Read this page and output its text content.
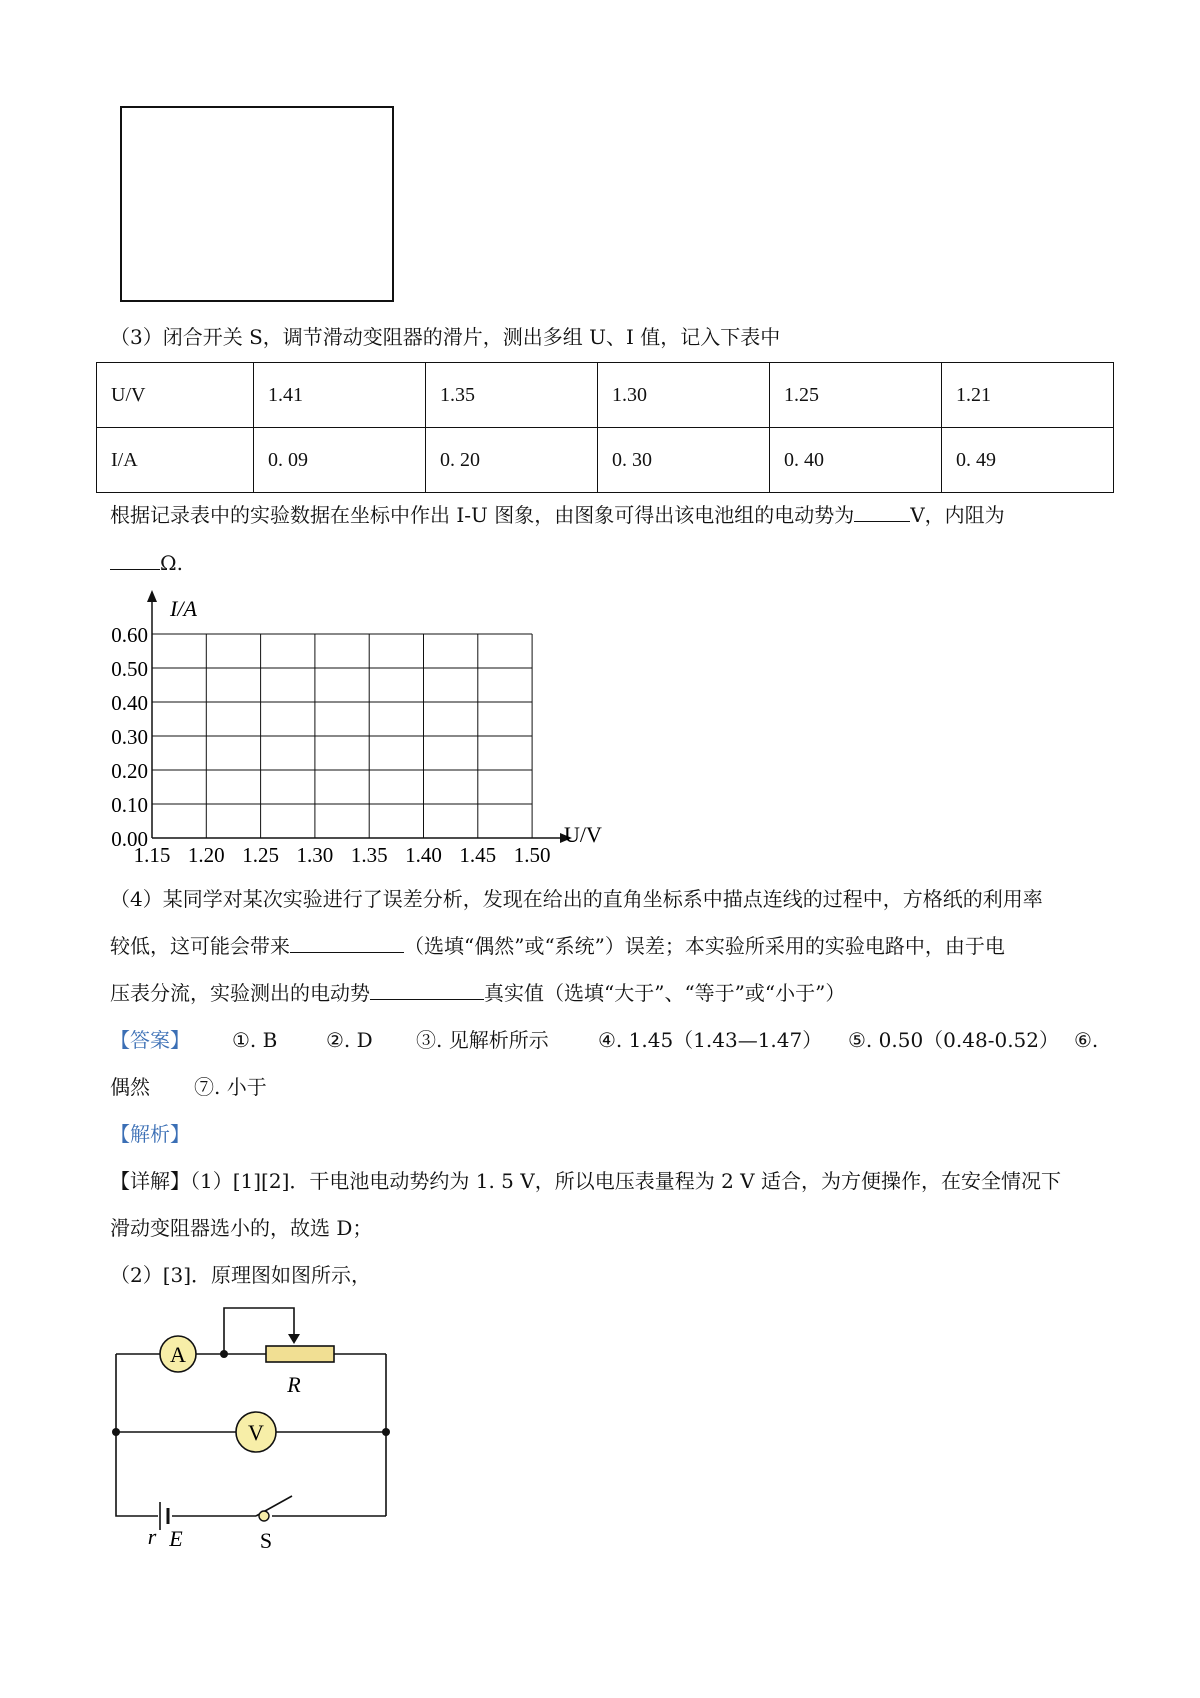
（3）闭合开关 S，调节滑动变阻器的滑片，测出多组 U、I 值，记入下表中
U/V	1.41	1.35	1.30	1.25	1.21
I/A	0. 09	0. 20	0. 30	0. 40	0. 49
根据记录表中的实验数据在坐标中作出 I-U 图象，由图象可得出该电池组的电动势为	V，内阻为
Ω.
0.60
0.50
0.40
0.30
0.20
0.10
0.00
1.15 1.20 1.25 1.30 1.35 1.40 1.45 1.50
I/A
U/V
（4）某同学对某次实验进行了误差分析，发现在给出的直角坐标系中描点连线的过程中，方格纸的利用率
较低，这可能会带来	（选填“偶然”或“系统”）误差；本实验所采用的实验电路中，由于电
压表分流，实验测出的电动势	真实值（选填“大于”、“等于”或“小于”）
【答案】 ①. B ②. D ③. 见解析所示 ④. 1.45（1.43—1.47） ⑤. 0.50（0.48-0.52） ⑥.
偶然 ⑦. 小于
【解析】
【详解】（1）[1][2]．干电池电动势约为 1. 5 V，所以电压表量程为 2 V 适合，为方便操作，在安全情况下
滑动变阻器选小的，故选 D；
（2）[3]．原理图如图所示，
A
R
V
r E	S
